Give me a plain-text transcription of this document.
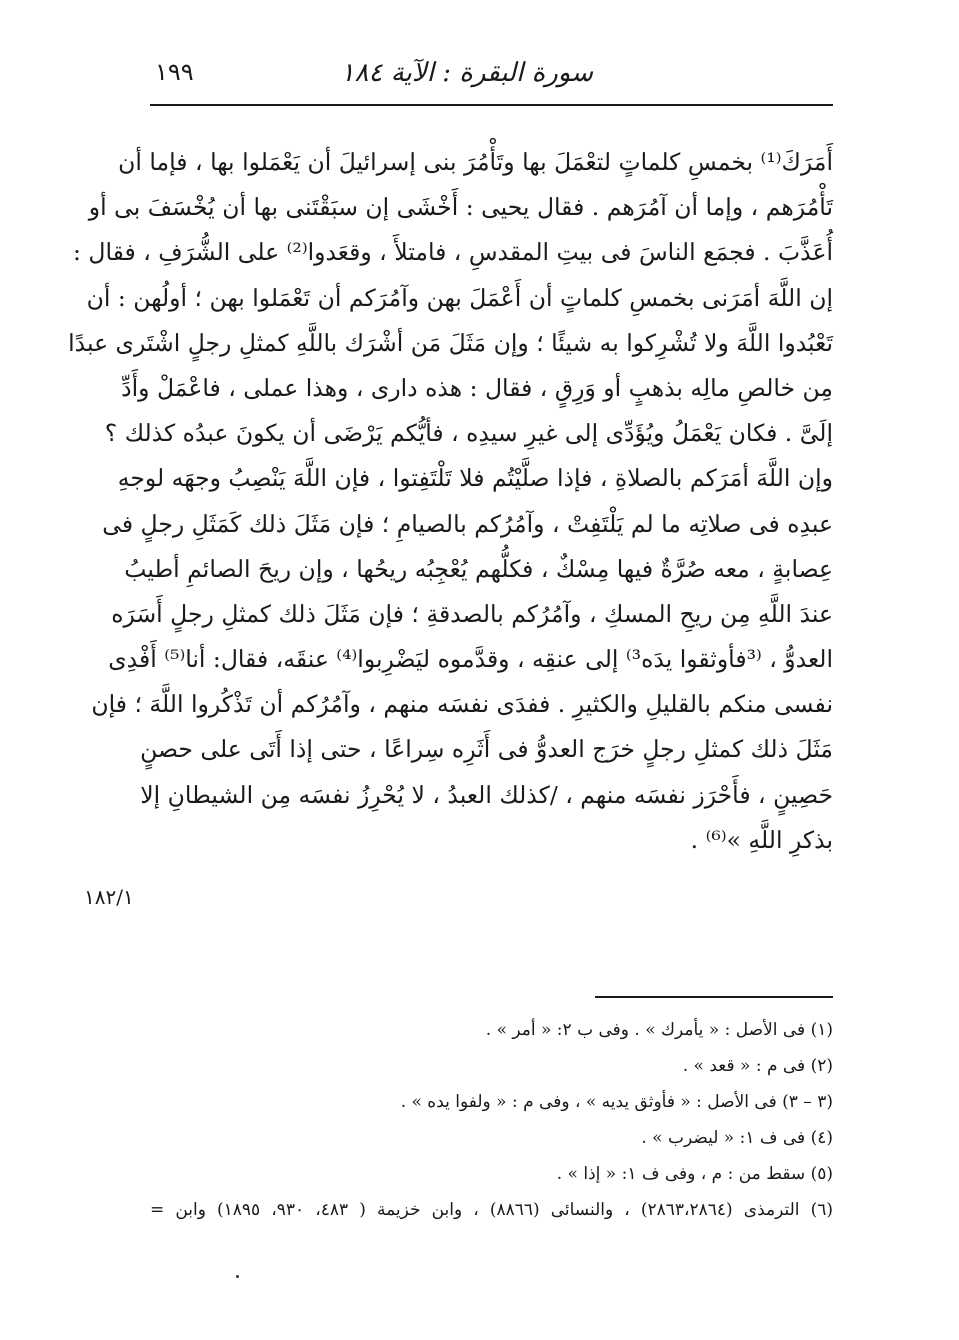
سورة البقرة : الآية ١٨٤
١٩٩
أَمَرَكَ⁽¹⁾ بخمسِ كلماتٍ لتعْمَلَ بها وتَأْمُرَ بنى إسرائيلَ أن يَعْمَلوا بها ، فإما أن
تَأْمُرَهم ، وإما أن آمُرَهم . فقال يحيى : أَخْشَى إن سبَقْتَنى بها أن يُخْسَفَ بى أو
أُعَذَّبَ . فجمَع الناسَ فى بيتِ المقدسِ ، فامتلأَ ، وقعَدوا⁽²⁾ على الشُّرَفِ ، فقال :
إن اللَّهَ أمَرَنى بخمسِ كلماتٍ أن أَعْمَلَ بهن وآمُرَكم أن تَعْمَلوا بهن ؛ أولُهن : أن
تَعْبُدوا اللَّهَ ولا تُشْرِكوا به شيئًا ؛ وإن مَثَلَ مَن أشْرَك باللَّهِ كمثلِ رجلٍ اشْتَرى عبدًا
مِن خالصِ مالِه بذهبٍ أو وَرِقٍ ، فقال : هذه دارى ، وهذا عملى ، فاعْمَلْ وأَدِّ
إلَىَّ . فكان يَعْمَلُ ويُؤَدِّى إلى غيرِ سيدِه ، فأيُّكم يَرْضَى أن يكونَ عبدُه كذلك ؟
وإن اللَّهَ أمَرَكم بالصلاةِ ، فإذا صلَّيْتُم فلا تَلْتَفِتوا ، فإن اللَّهَ يَنْصِبُ وجهَه لوجهِ
عبدِه فى صلاتِه ما لم يَلْتَفِتْ ، وآمُرُكم بالصيامِ ؛ فإن مَثَلَ ذلك كَمَثَلِ رجلٍ فى
عِصابةٍ ، معه صُرَّةٌ فيها مِسْكٌ ، فكلُّهم يُعْجِبُه ريحُها ، وإن ريحَ الصائمِ أطيبُ
عندَ اللَّهِ مِن ريحِ المسكِ ، وآمُرُكم بالصدقةِ ؛ فإن مَثَلَ ذلك كمثلِ رجلٍ أَسَرَه
العدوُّ ، ⁽³فأوثقوا يدَه³⁾ إلى عنقِه ، وقدَّموه ليَضْرِبوا⁽⁴⁾ عنقَه، فقال: أنا⁽⁵⁾ أَفْدِى
نفسى منكم بالقليلِ والكثيرِ . ففدَى نفسَه منهم ، وآمُرُكم أن تَذْكُروا اللَّهَ ؛ فإن
مَثَلَ ذلك كمثلِ رجلٍ خرَج العدوُّ فى أَثَرِه سِراعًا ، حتى إذا أَتَى على حصنٍ
حَصِينٍ ، فأَحْرَز نفسَه منهم ، /كذلك العبدُ ، لا يُحْرِزُ نفسَه مِن الشيطانِ إلا
بذكرِ اللَّهِ »⁽⁶⁾ .
١٨٢/١
(١) فى الأصل : « يأمرك » . وفى ب ٢: « أمر » .
(٢) فى م : « قعد » .
(٣ – ٣) فى الأصل : « فأوثق يديه » ، وفى م : « ولفوا يده » .
(٤) فى ف ١: « ليضرب » .
(٥) سقط من : م ، وفى ف ١: « إذا » .
(٦) الترمذى (٢٨٦٣،٢٨٦٤) ، والنسائى (٨٨٦٦) ، وابن خزيمة ( ٤٨٣، ٩٣٠، ١٨٩٥) وابن =
